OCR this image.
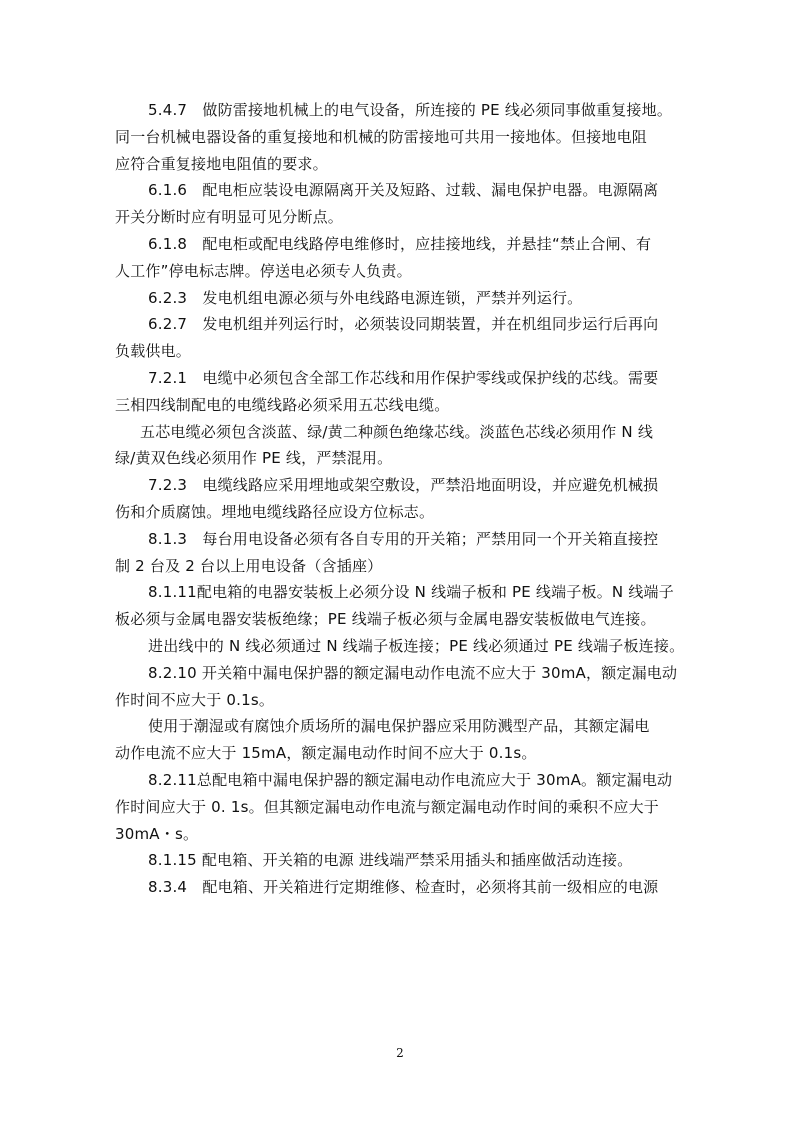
5.4.7　做防雷接地机械上的电气设备，所连接的 PE 线必须同事做重复接地。

同一台机械电器设备的重复接地和机械的防雷接地可共用一接地体。但接地电阻

应符合重复接地电阻值的要求。

6.1.6　配电柜应装设电源隔离开关及短路、过载、漏电保护电器。电源隔离

开关分断时应有明显可见分断点。

6.1.8　配电柜或配电线路停电维修时，应挂接地线，并悬挂“禁止合闸、有

人工作”停电标志牌。停送电必须专人负责。

6.2.3　发电机组电源必须与外电线路电源连锁，严禁并列运行。

6.2.7　发电机组并列运行时，必须装设同期装置，并在机组同步运行后再向

负载供电。

7.2.1　电缆中必须包含全部工作芯线和用作保护零线或保护线的芯线。需要

三相四线制配电的电缆线路必须采用五芯线电缆。

五芯电缆必须包含淡蓝、绿/黄二种颜色绝缘芯线。淡蓝色芯线必须用作 N 线

绿/黄双色线必须用作 PE 线，严禁混用。

7.2.3　电缆线路应采用埋地或架空敷设，严禁沿地面明设，并应避免机械损

伤和介质腐蚀。埋地电缆线路径应设方位标志。

8.1.3　每台用电设备必须有各自专用的开关箱；严禁用同一个开关箱直接控

制 2 台及 2 台以上用电设备（含插座）

8.1.11配电箱的电器安装板上必须分设 N 线端子板和 PE 线端子板。N 线端子

板必须与金属电器安装板绝缘；PE 线端子板必须与金属电器安装板做电气连接。

进出线中的 N 线必须通过 N 线端子板连接；PE 线必须通过 PE 线端子板连接。

8.2.10 开关箱中漏电保护器的额定漏电动作电流不应大于 30mA，额定漏电动

作时间不应大于 0.1s。

使用于潮湿或有腐蚀介质场所的漏电保护器应采用防溅型产品，其额定漏电

动作电流不应大于 15mA，额定漏电动作时间不应大于 0.1s。

8.2.11总配电箱中漏电保护器的额定漏电动作电流应大于 30mA。额定漏电动

作时间应大于 0. 1s。但其额定漏电动作电流与额定漏电动作时间的乘积不应大于

30mA・s。

8.1.15 配电箱、开关箱的电源 进线端严禁采用插头和插座做活动连接。

8.3.4　配电箱、开关箱进行定期维修、检查时，必须将其前一级相应的电源

2
